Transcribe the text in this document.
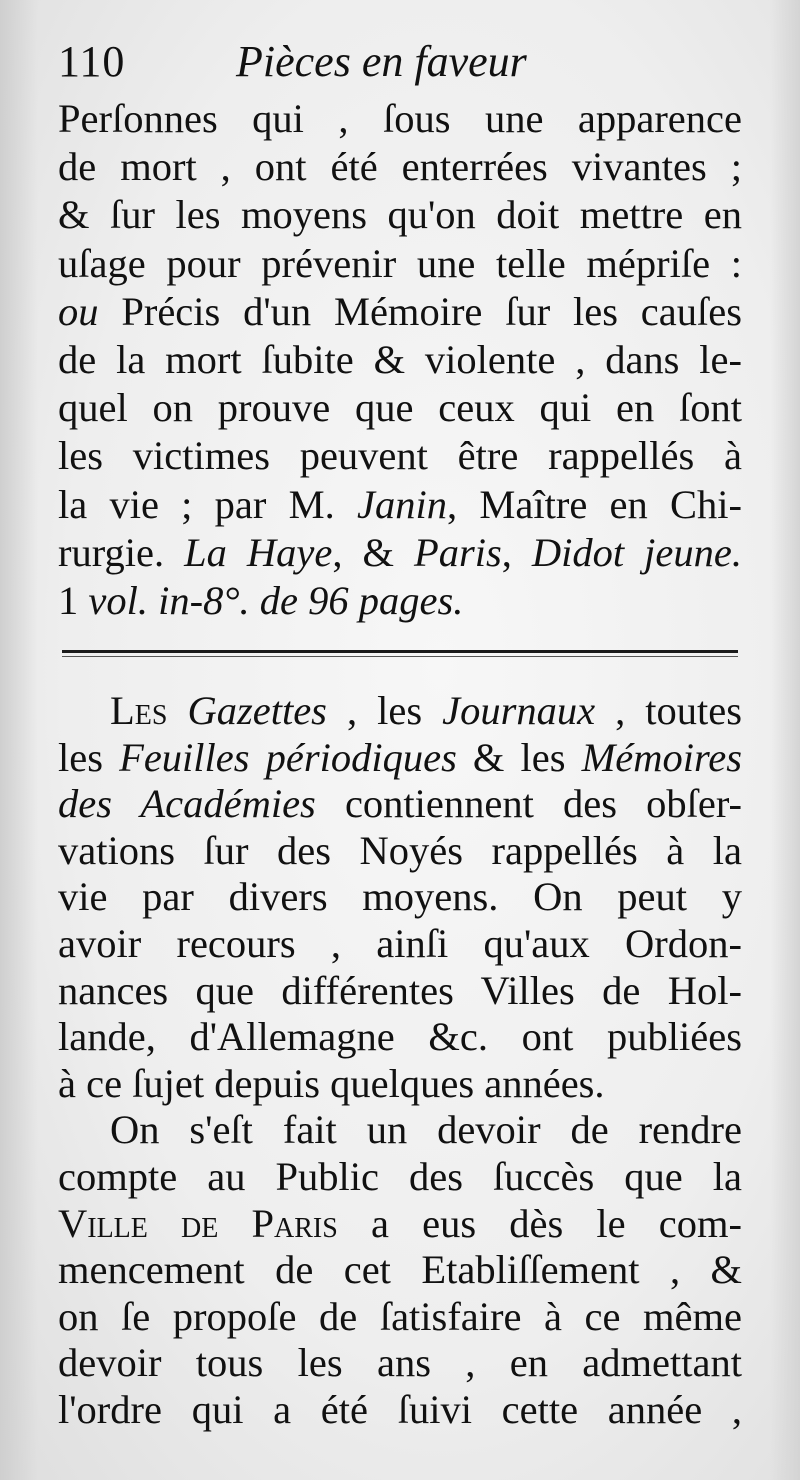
110	Pièces en faveur
Perſonnes qui , ſous une apparence
de mort , ont été enterrées vivantes ;
& ſur les moyens qu'on doit mettre en
uſage pour prévenir une telle mépriſe :
ou Précis d'un Mémoire ſur les cauſes
de la mort ſubite & violente , dans le-
quel on prouve que ceux qui en ſont
les victimes peuvent être rappellés à
la vie ; par M. Janin, Maître en Chi-
rurgie. La Haye, & Paris, Didot jeune.
1 vol. in-8°. de 96 pages.
Les Gazettes , les Journaux , toutes
les Feuilles périodiques & les Mémoires
des Académies contiennent des obſer-
vations ſur des Noyés rappellés à la
vie par divers moyens. On peut y
avoir recours , ainſi qu'aux Ordon-
nances que différentes Villes de Hol-
lande, d'Allemagne &c. ont publiées
à ce ſujet depuis quelques années.
On s'eſt fait un devoir de rendre
compte au Public des ſuccès que la
Ville de Paris a eus dès le com-
mencement de cet Etabliſſement , &
on ſe propoſe de ſatisfaire à ce même
devoir tous les ans , en admettant
l'ordre qui a été ſuivi cette année ,
